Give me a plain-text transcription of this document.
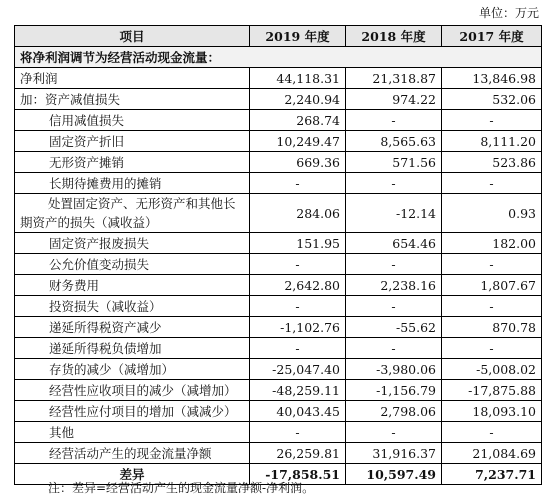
单位：万元
项目	2019 年度	2018 年度	2017 年度
将净利润调节为经营活动现金流量：			
净利润	44,118.31	21,318.87	13,846.98
加：资产减值损失	2,240.94	974.22	532.06
信用减值损失	268.74	-	-
固定资产折旧	10,249.47	8,565.63	8,111.20
无形资产摊销	669.36	571.56	523.86
长期待摊费用的摊销	-	-	-

处置固定资产、无形资产和其他长
期资产的损失（减收益）	284.06	-12.14	0.93
固定资产报废损失	151.95	654.46	182.00
公允价值变动损失	-	-	-
财务费用	2,642.80	2,238.16	1,807.67
投资损失（减收益）	-	-	-
递延所得税资产减少	-1,102.76	-55.62	870.78
递延所得税负债增加	-	-	-
存货的减少（减增加）	-25,047.40	-3,980.06	-5,008.02
经营性应收项目的减少（减增加）	-48,259.11	-1,156.79	-17,875.88
经营性应付项目的增加（减减少）	40,043.45	2,798.06	18,093.10
其他	-	-	-
经营活动产生的现金流量净额	26,259.81	31,916.37	21,084.69
差异	-17,858.51	10,597.49	7,237.71
注：差异=经营活动产生的现金流量净额-净利润。
